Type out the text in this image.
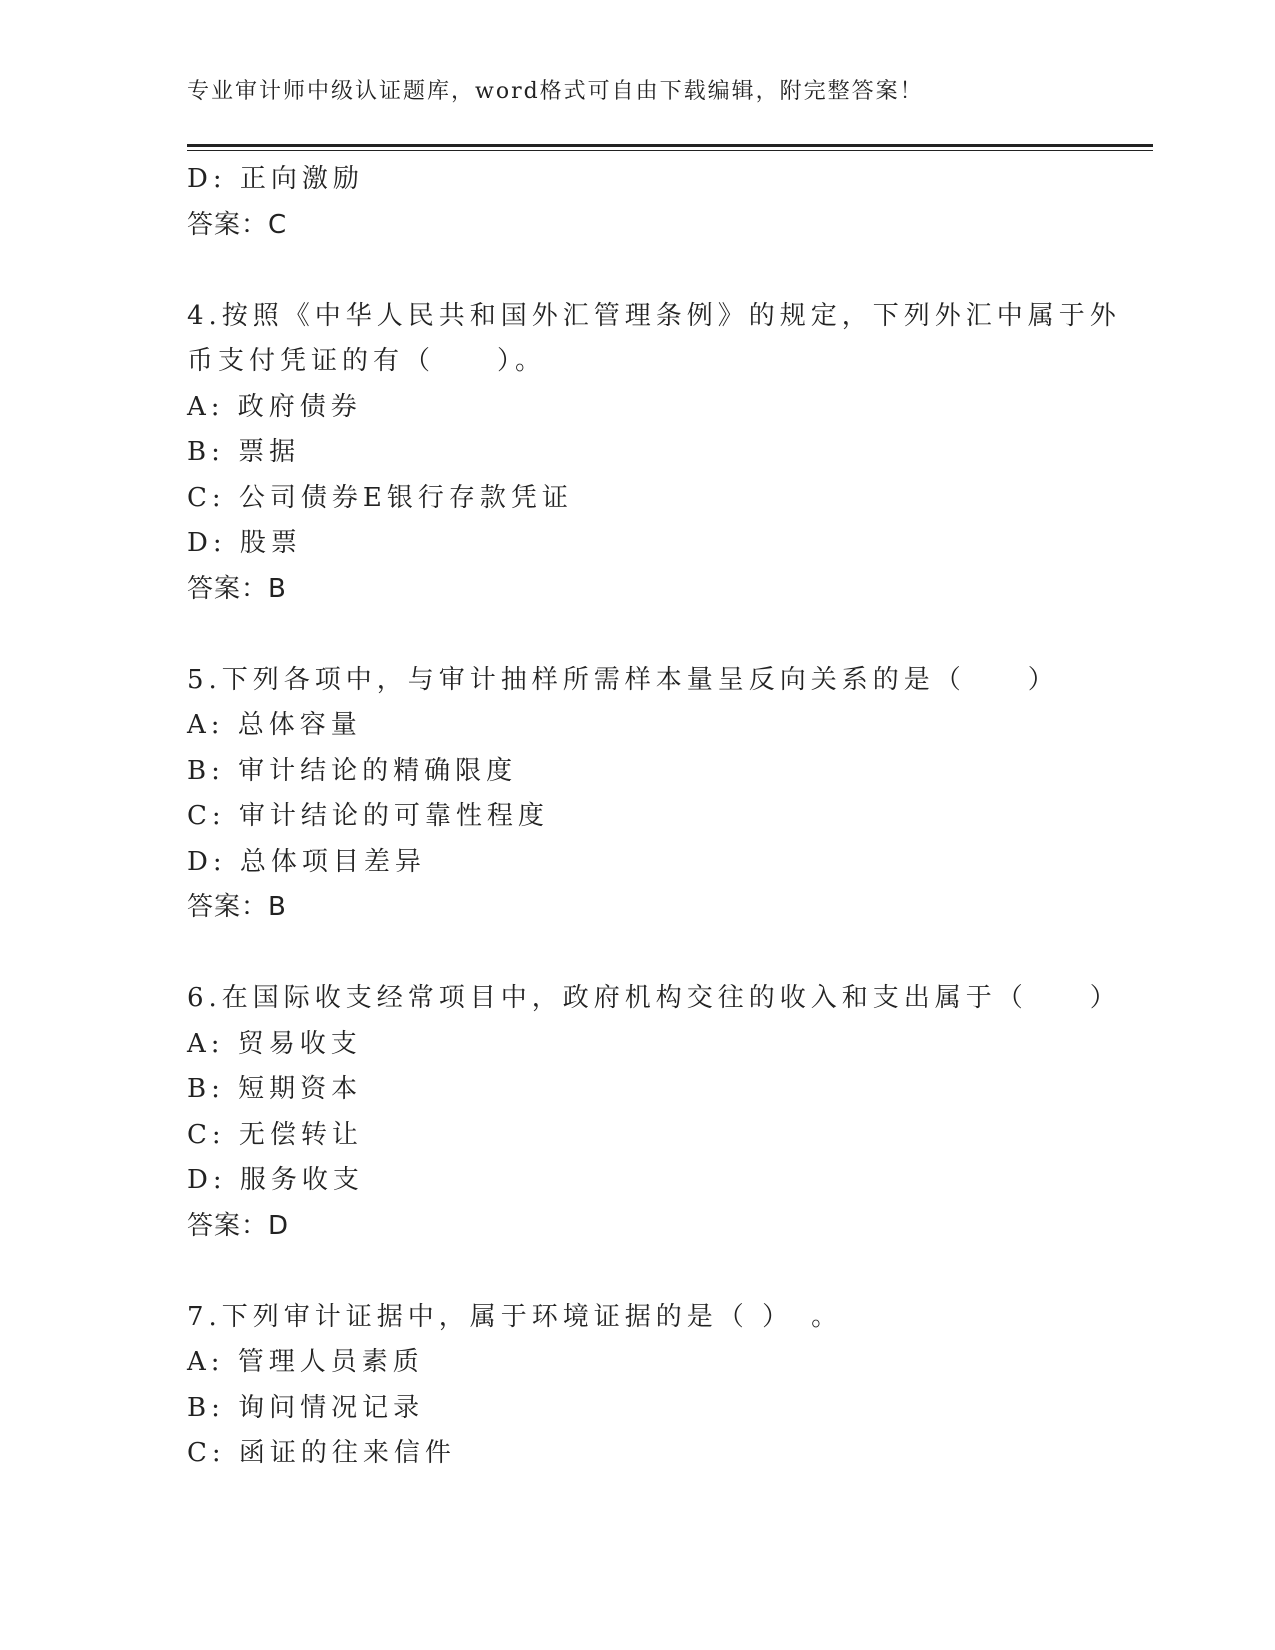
专业审计师中级认证题库，word格式可自由下载编辑，附完整答案！
D: 正向激励
答案：C
4.按照《中华人民共和国外汇管理条例》的规定，下列外汇中属于外
币支付凭证的有（　　）。
A: 政府债券
B: 票据
C: 公司债券E银行存款凭证
D: 股票
答案：B
5.下列各项中，与审计抽样所需样本量呈反向关系的是（　　）
A: 总体容量
B: 审计结论的精确限度
C: 审计结论的可靠性程度
D: 总体项目差异
答案：B
6.在国际收支经常项目中，政府机构交往的收入和支出属于（　　）
A: 贸易收支
B: 短期资本
C: 无偿转让
D: 服务收支
答案：D
7.下列审计证据中，属于环境证据的是（ ）　。
A: 管理人员素质
B: 询问情况记录
C: 函证的往来信件
